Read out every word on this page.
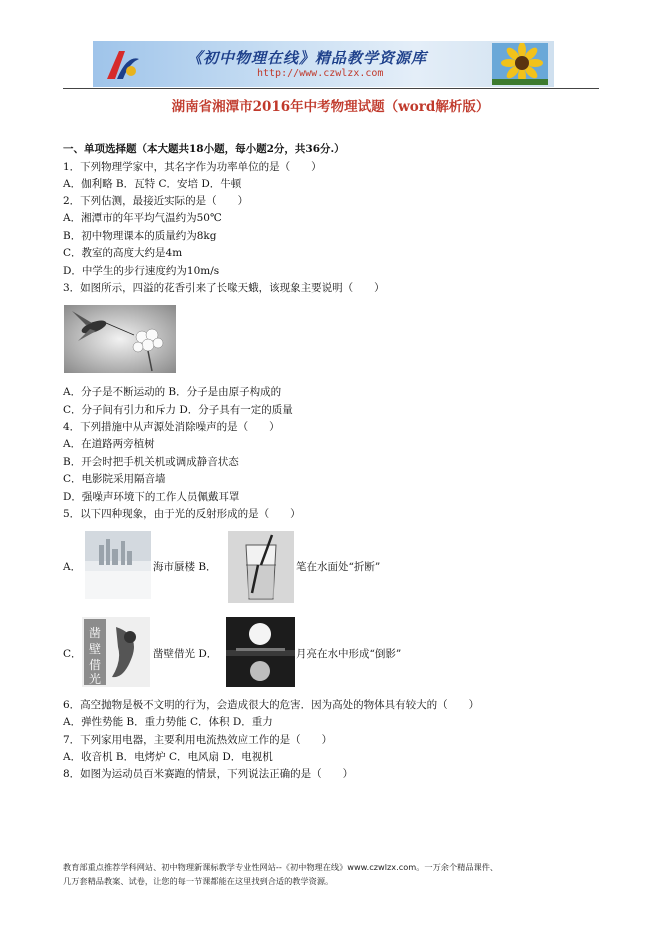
《初中物理在线》精品教学资源库
http://www.czwlzx.com
湖南省湘潭市2016年中考物理试题（word解析版）
一、单项选择题（本大题共18小题，每小题2分，共36分.）
1．下列物理学家中，其名字作为功率单位的是（　　）
A．伽利略 B．瓦特 C．安培 D．牛顿
2．下列估测，最接近实际的是（　　）
A．湘潭市的年平均气温约为50℃
B．初中物理课本的质量约为8kg
C．教室的高度大约是4m
D．中学生的步行速度约为10m/s
3．如图所示，四溢的花香引来了长喙天蛾，该现象主要说明（　　）
A．分子是不断运动的 B．分子是由原子构成的
C．分子间有引力和斥力 D．分子具有一定的质量
4．下列措施中从声源处消除噪声的是（　　）
A．在道路两旁植树
B．开会时把手机关机或调成静音状态
C．电影院采用隔音墙
D．强噪声环境下的工作人员佩戴耳罩
5．以下四种现象，由于光的反射形成的是（　　）
A．	海市蜃楼 B．	笔在水面处“折断”
C．
凿
壁
借
光
凿壁借光 D．	月亮在水中形成“倒影”
6．高空抛物是极不文明的行为，会造成很大的危害．因为高处的物体具有较大的（　　）
A．弹性势能 B．重力势能 C．体积 D．重力
7．下列家用电器，主要利用电流热效应工作的是（　　）
A．收音机 B．电烤炉 C．电风扇 D．电视机
8．如图为运动员百米赛跑的情景，下列说法正确的是（　　）
教育部重点推荐学科网站、初中物理新课标教学专业性网站--《初中物理在线》www.czwlzx.com。一万余个精品课件、
几万套精品教案、试卷，让您的每一节课都能在这里找到合适的教学资源。
